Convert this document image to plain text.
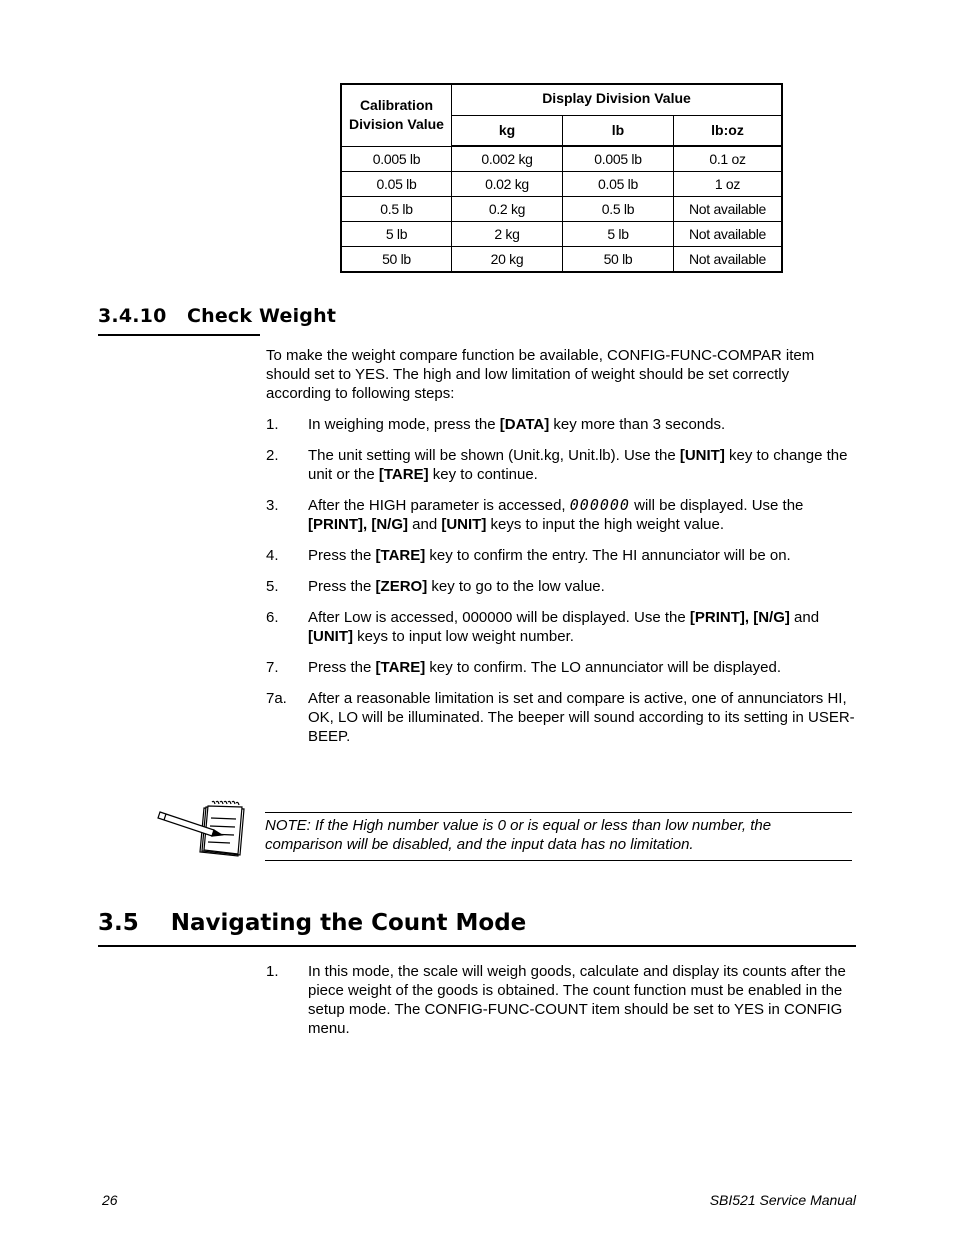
Calibration
Division Value	Display Division Value		
	kg	lb	lb:oz
0.005 lb	0.002 kg	0.005 lb	0.1 oz
0.05 lb	0.02 kg	0.05 lb	1 oz
0.5 lb	0.2 kg	0.5 lb	Not available
5 lb	2 kg	5 lb	Not available
50 lb	20 kg	50 lb	Not available
3.4.10   Check Weight
To make the weight compare function be available, CONFIG-FUNC-COMPAR item should set to YES. The high and low limitation of weight should be set correctly according to following steps:
1. In weighing mode, press the [DATA] key more than 3 seconds.
2. The unit setting will be shown (Unit.kg, Unit.lb). Use the [UNIT] key to change the unit or the [TARE] key to continue.
3. After the HIGH parameter is accessed, 000000 will be displayed. Use the [PRINT], [N/G] and [UNIT] keys to input the high weight value.
4. Press the [TARE] key to confirm the entry. The HI annunciator will be on.
5. Press the [ZERO] key to go to the low value.
6. After Low is accessed, 000000 will be displayed. Use the [PRINT], [N/G] and [UNIT] keys to input low weight number.
7. Press the [TARE] key to confirm. The LO annunciator will be displayed.
7a. After a reasonable limitation is set and compare is active, one of annunciators HI, OK, LO will be illuminated. The beeper will sound according to its setting in USER-BEEP.
NOTE: If the High number value is 0 or is equal or less than low number, the comparison will be disabled, and the input data has no limitation.
3.5    Navigating the Count Mode
1. In this mode, the scale will weigh goods, calculate and display its counts after the piece weight of the goods is obtained. The count function must be enabled in the setup mode. The CONFIG-FUNC-COUNT item should be set to YES in CONFIG menu.
26	SBI521 Service Manual
